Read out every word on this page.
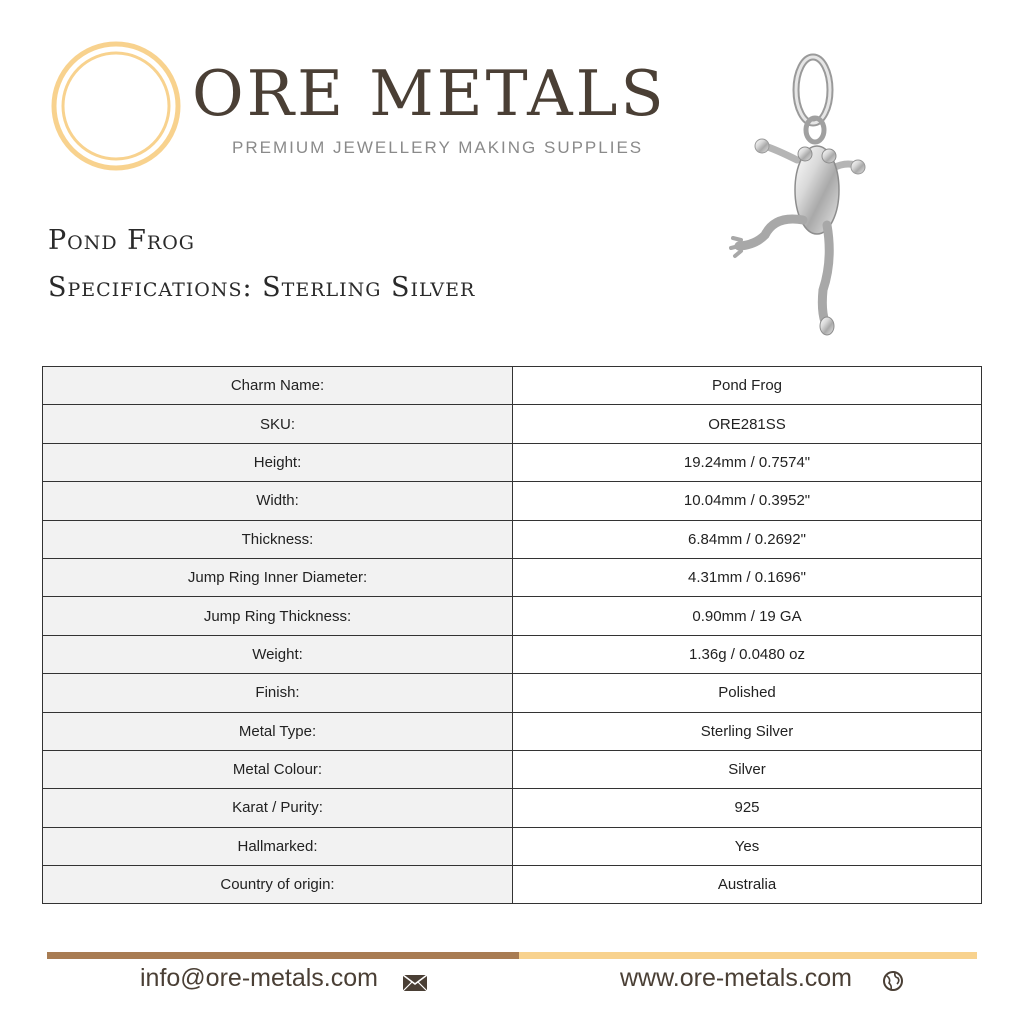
ORE METALS
PREMIUM JEWELLERY MAKING SUPPLIES
Pond Frog
Specifications: Sterling Silver
Charm Name:	Pond Frog
SKU:	ORE281SS
Height:	19.24mm / 0.7574"
Width:	10.04mm / 0.3952"
Thickness:	6.84mm / 0.2692"
Jump Ring Inner Diameter:	4.31mm / 0.1696"
Jump Ring Thickness:	0.90mm / 19 GA
Weight:	1.36g / 0.0480 oz
Finish:	Polished
Metal Type:	Sterling Silver
Metal Colour:	Silver
Karat / Purity:	925
Hallmarked:	Yes
Country of origin:	Australia
info@ore-metals.com	www.ore-metals.com
